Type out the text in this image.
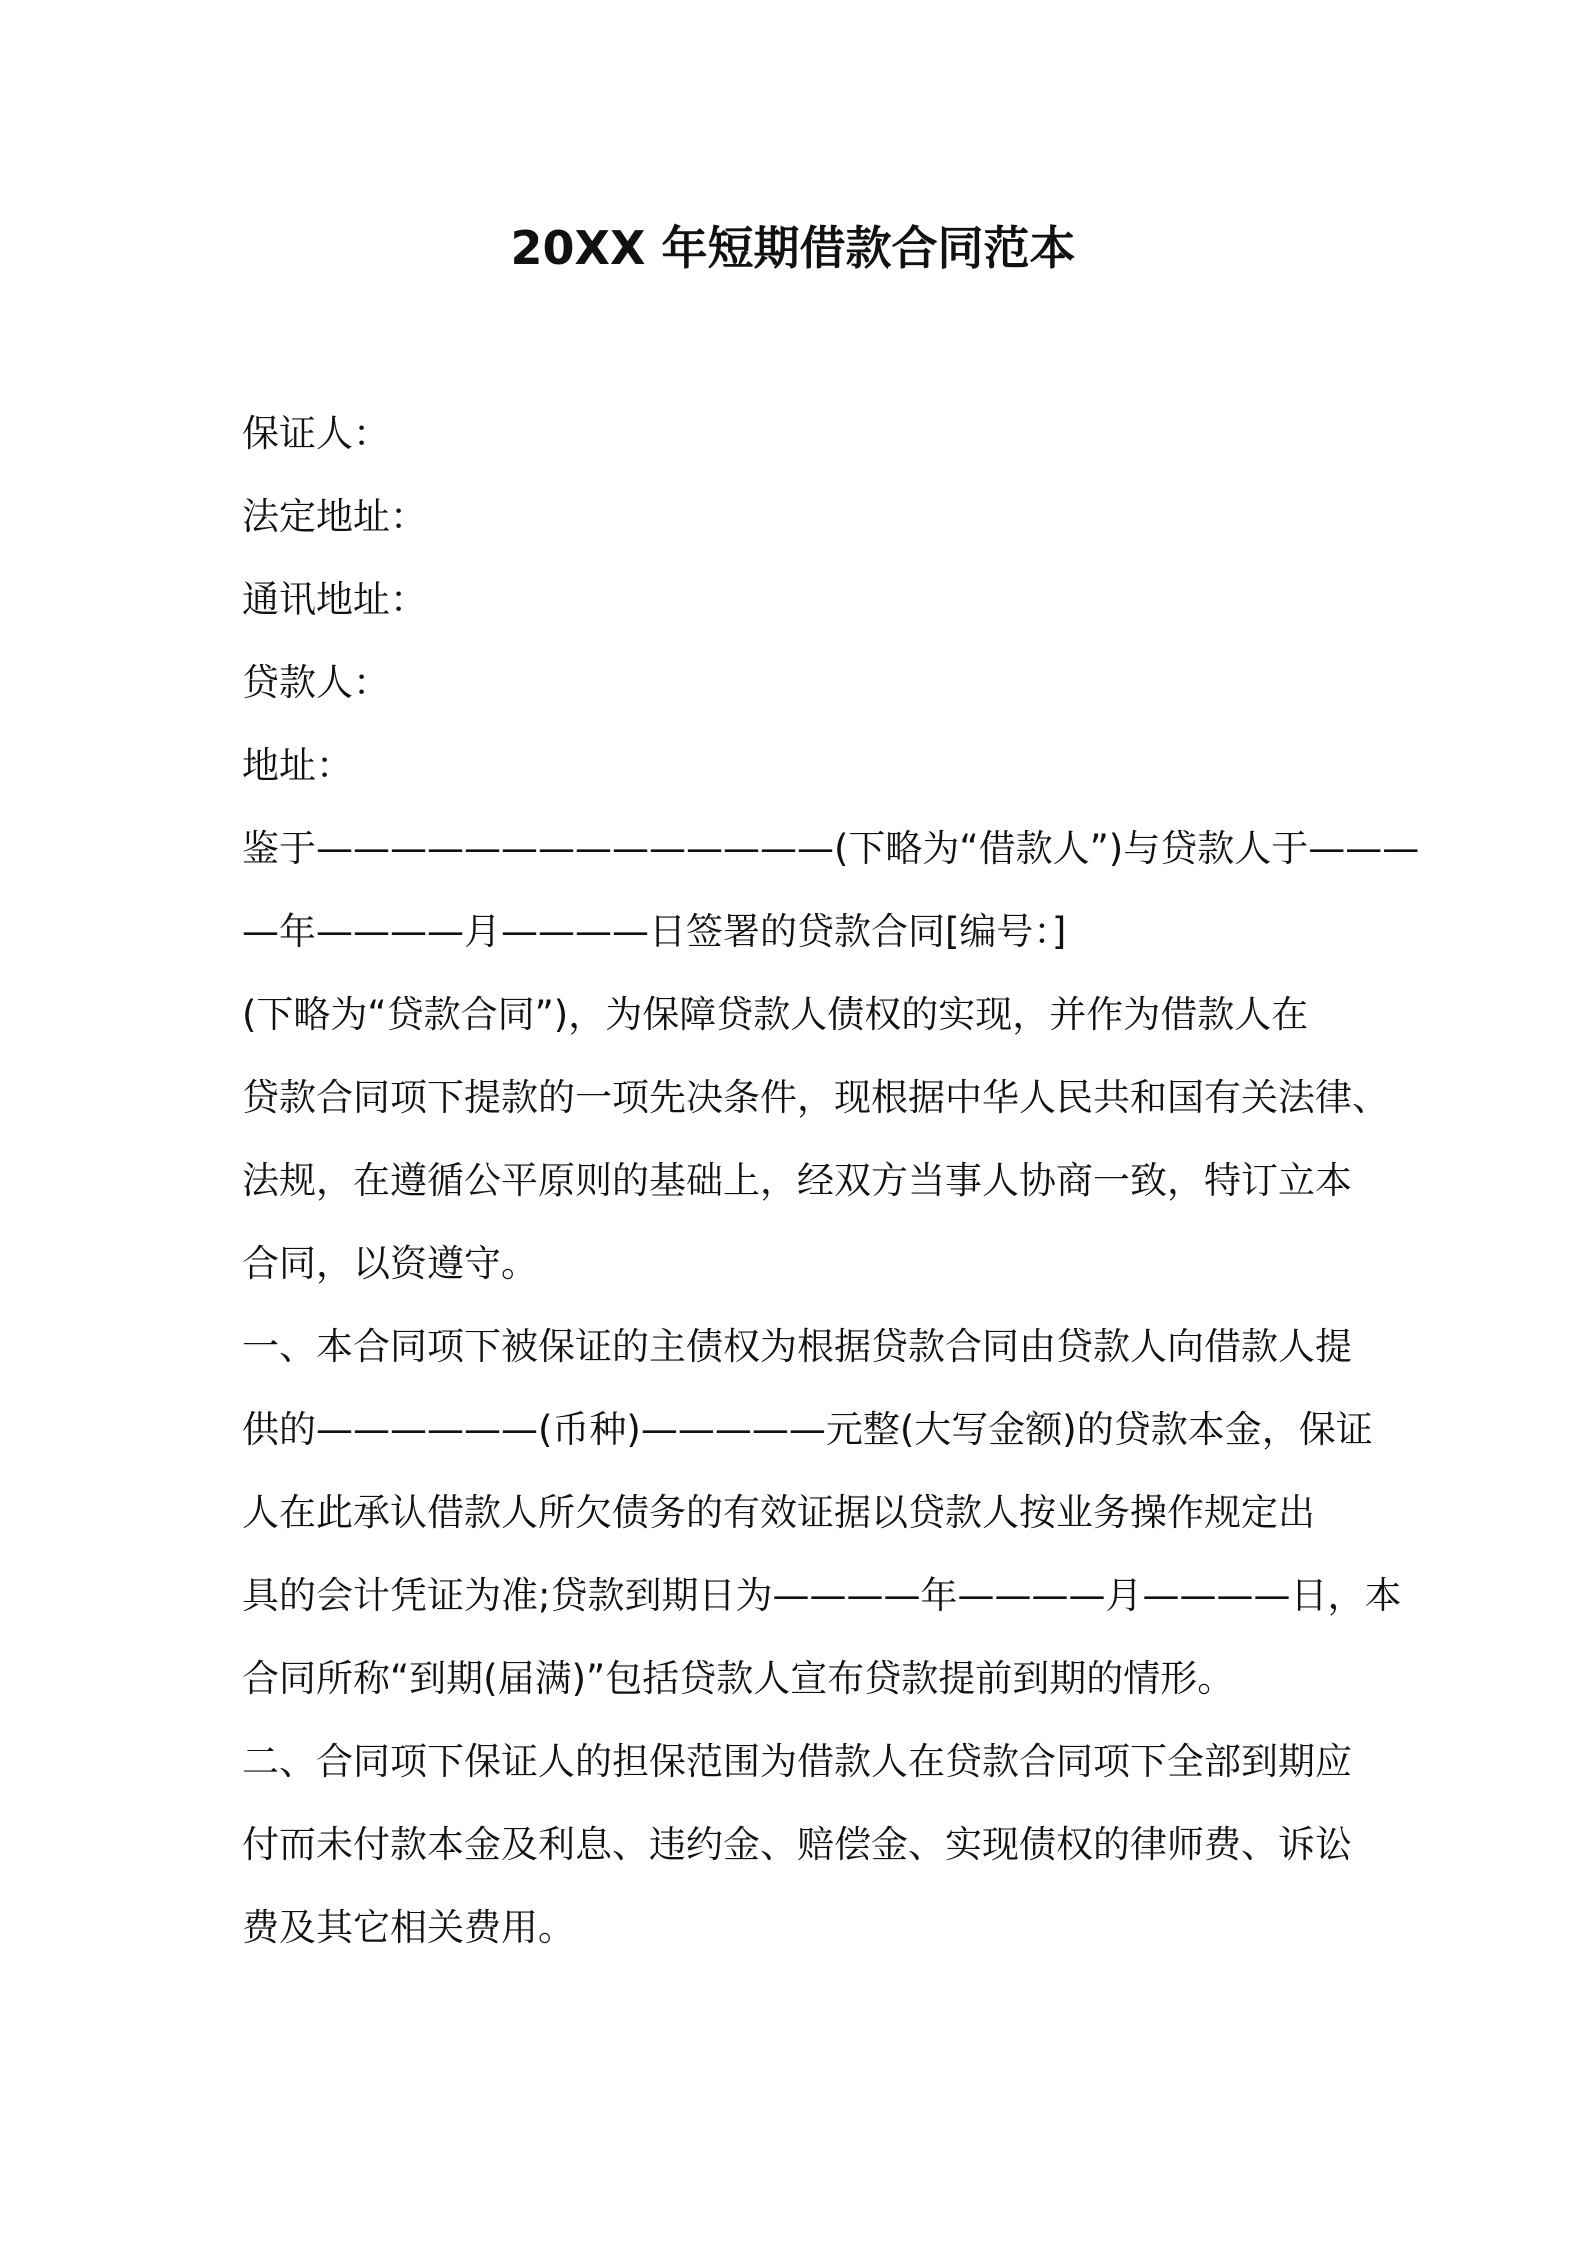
20XX 年短期借款合同范本
保证人：
法定地址：
通讯地址：
贷款人：
地址：
鉴于——————————————(下略为“借款人”)与贷款人于———
—年————月————日签署的贷款合同[编号：]
(下略为“贷款合同”)，为保障贷款人债权的实现，并作为借款人在
贷款合同项下提款的一项先决条件，现根据中华人民共和国有关法律、
法规，在遵循公平原则的基础上，经双方当事人协商一致，特订立本
合同，以资遵守。
一、本合同项下被保证的主债权为根据贷款合同由贷款人向借款人提
供的——————(币种)—————元整(大写金额)的贷款本金，保证
人在此承认借款人所欠债务的有效证据以贷款人按业务操作规定出
具的会计凭证为准;贷款到期日为————年————月————日，本
合同所称“到期(届满)”包括贷款人宣布贷款提前到期的情形。
二、合同项下保证人的担保范围为借款人在贷款合同项下全部到期应
付而未付款本金及利息、违约金、赔偿金、实现债权的律师费、诉讼
费及其它相关费用。
